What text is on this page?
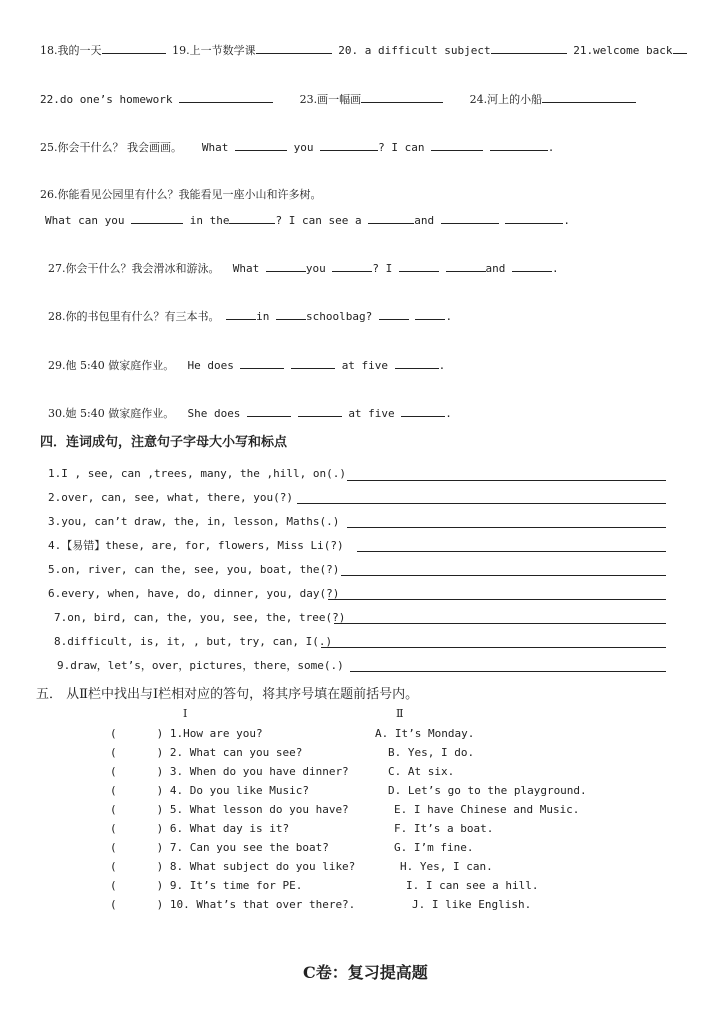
18.我的一天	19.上一节数学课	20. a difficult subject	21.welcome back
22.do one’s homework	23.画一幅画	24.河上的小船
25.你会干什么？ 我会画画。 What	you	? I can	.
26.你能看见公园里有什么？我能看见一座小山和许多树。
What can you	in the	? I can see a	and	.
27.你会干什么？我会滑冰和游泳。 What	you	? I	and	.
28.你的书包里有什么？有三本书。	in	schoolbag?	.
29.他 5:40 做家庭作业。 He does	at five	.
30.她 5:40 做家庭作业。 She does	at five	.
四．连词成句，注意句子字母大小写和标点
1.I , see, can ,trees, many, the ,hill, on(.)
2.over, can, see, what, there, you(?)
3.you, can’t draw, the, in, lesson, Maths(.)
4.【易错】these, are, for, flowers, Miss Li(?)
5.on, river, can the, see, you, boat, the(?)
6.every, when, have, do, dinner, you, day(?)
7.on, bird, can, the, you, see, the, tree(?)
8.difficult, is, it, , but, try, can, I(.)
9.draw，let’s，over，pictures，there，some(.)
五． 从Ⅱ栏中找出与Ⅰ栏相对应的答句，将其序号填在题前括号内。
Ⅰ	Ⅱ
(	) 1.How are you?	A. It’s Monday.
(	) 2. What can you see?	B. Yes, I do.
(	) 3. When do you have dinner?	C. At six.
(	) 4. Do you like Music?	D. Let’s go to the playground.
(	) 5. What lesson do you have?	E. I have Chinese and Music.
(	) 6. What day is it?	F. It’s a boat.
(	) 7. Can you see the boat?	G. I’m fine.
(	) 8. What subject do you like?	H. Yes, I can.
(	) 9. It’s time for PE.	I. I can see a hill.
(	) 10. What’s that over there?.	J. I like English.
C卷：复习提高题
